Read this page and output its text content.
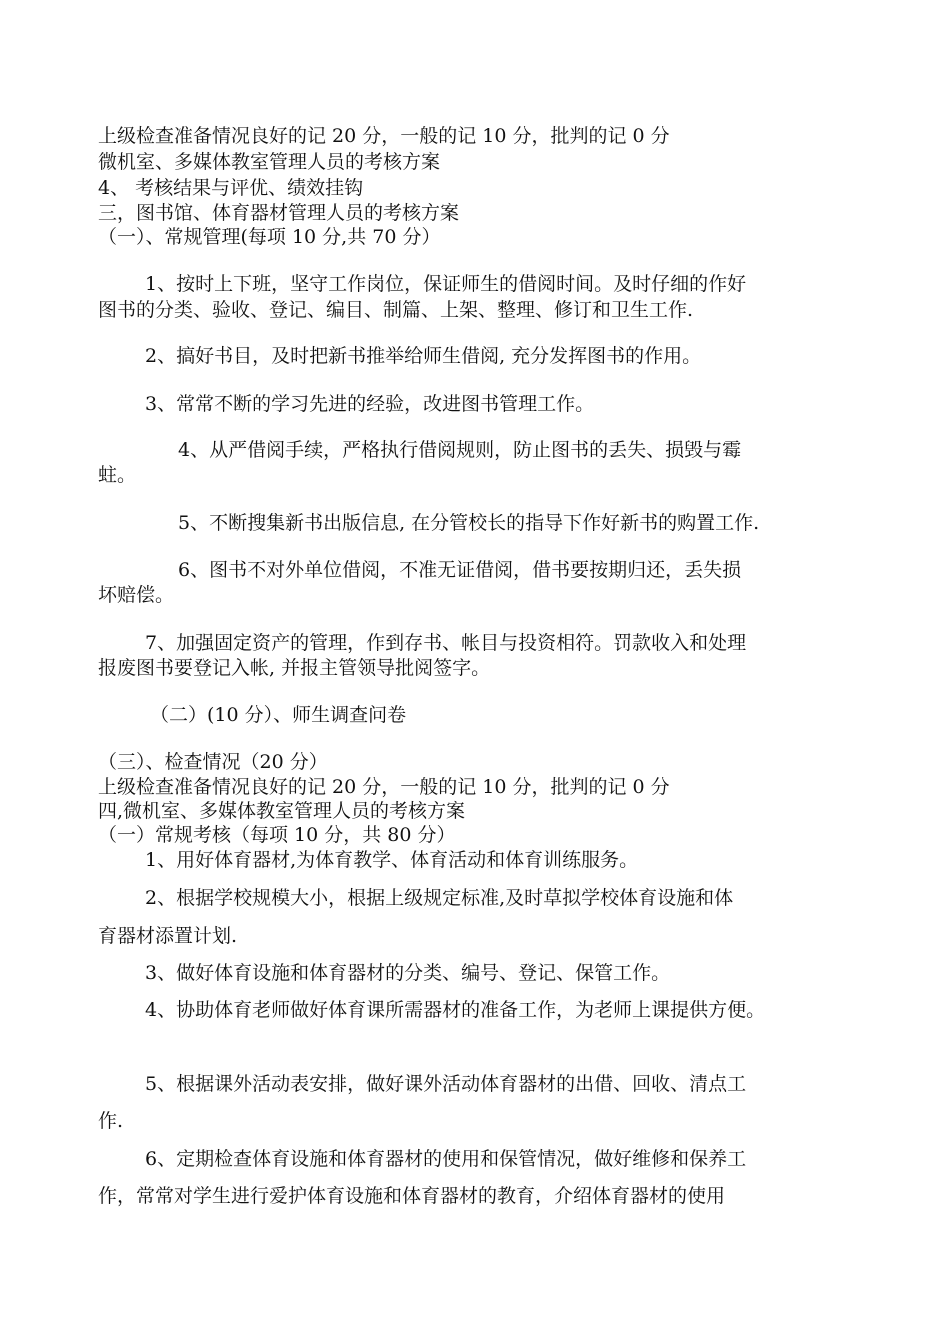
上级检查准备情况良好的记 20 分，一般的记 10 分，批判的记 0 分
微机室、多媒体教室管理人员的考核方案
4、 考核结果与评优、绩效挂钩
三，图书馆、体育器材管理人员的考核方案
（一）、常规管理(每项 10 分,共 70 分）
1、按时上下班，坚守工作岗位，保证师生的借阅时间。及时仔细的作好
图书的分类、验收、登记、编目、制篇、上架、整理、修订和卫生工作.
2、搞好书目，及时把新书推举给师生借阅, 充分发挥图书的作用。
3、常常不断的学习先进的经验，改进图书管理工作。
4、从严借阅手续，严格执行借阅规则，防止图书的丢失、损毁与霉
蛀。
5、不断搜集新书出版信息, 在分管校长的指导下作好新书的购置工作.
6、图书不对外单位借阅，不准无证借阅，借书要按期归还，丢失损
坏赔偿。
7、加强固定资产的管理，作到存书、帐目与投资相符。罚款收入和处理
报废图书要登记入帐, 并报主管领导批阅签字。
（二）(10 分）、师生调查问卷
（三）、检查情况（20 分）
上级检查准备情况良好的记 20 分，一般的记 10 分，批判的记 0 分
四,微机室、多媒体教室管理人员的考核方案
（一）常规考核（每项 10 分，共 80 分）
1、用好体育器材,为体育教学、体育活动和体育训练服务。
2、根据学校规模大小，根据上级规定标准,及时草拟学校体育设施和体
育器材添置计划.
3、做好体育设施和体育器材的分类、编号、登记、保管工作。
4、协助体育老师做好体育课所需器材的准备工作，为老师上课提供方便。
5、根据课外活动表安排，做好课外活动体育器材的出借、回收、清点工
作.
6、定期检查体育设施和体育器材的使用和保管情况，做好维修和保养工
作，常常对学生进行爱护体育设施和体育器材的教育，介绍体育器材的使用
